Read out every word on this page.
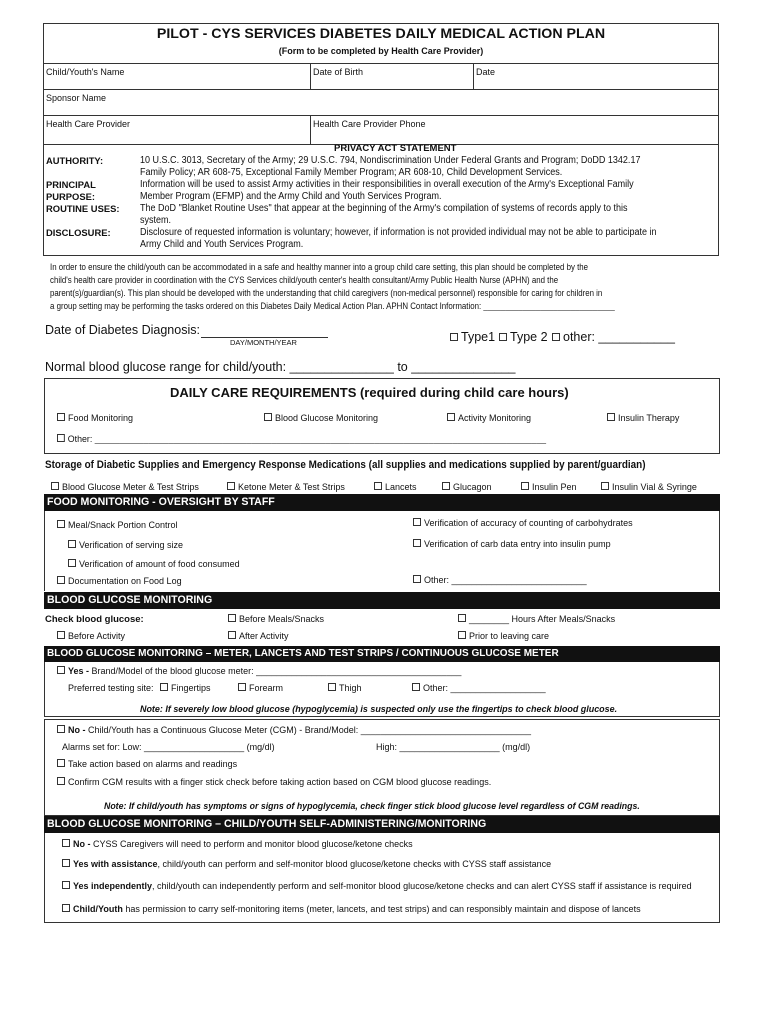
PILOT - CYS SERVICES DIABETES DAILY MEDICAL ACTION PLAN
(Form to be completed by Health Care Provider)
Child/Youth's Name	Date of Birth	Date
Sponsor Name
Health Care Provider	Health Care Provider Phone
PRIVACY ACT STATEMENT
AUTHORITY:	10 U.S.C. 3013, Secretary of the Army; 29 U.S.C. 794, Nondiscrimination Under Federal Grants and Program; DoDD 1342.17
Family Policy; AR 608-75, Exceptional Family Member Program; AR 608-10, Child Development Services.
PRINCIPAL
PURPOSE:
Information will be used to assist Army activities in their responsibilities in overall execution of the Army's Exceptional Family
Member Program (EFMP) and the Army Child and Youth Services Program.
ROUTINE USES: The DoD "Blanket Routine Uses" that appear at the beginning of the Army's compilation of systems of records apply to this
system.
DISCLOSURE:	Disclosure of requested information is voluntary; however, if information is not provided individual may not be able to participate in
Army Child and Youth Services Program.
In order to ensure the child/youth can be accommodated in a safe and healthy manner into a group child care setting, this plan should be completed by the
child's health care provider in coordination with the CYS Services child/youth center's health consultant/Army Public Health Nurse (APHN) and the
parent(s)/guardian(s). This plan should be developed with the understanding that child caregivers (non-medical personnel) responsible for caring for children in
a group setting may be performing the tasks ordered on this Diabetes Daily Medical Action Plan. APHN Contact Information: ______________________________
Date of Diabetes Diagnosis:
DAY/MONTH/YEAR	Type1	Type 2	other: ___________
Normal blood glucose range for child/youth: _______________ to _______________
DAILY CARE REQUIREMENTS (required during child care hours)
Food Monitoring	Blood Glucose Monitoring	Activity Monitoring	Insulin Therapy
Other: ____________________________________________________________________________________________
Storage of Diabetic Supplies and Emergency Response Medications (all supplies and medications supplied by parent/guardian)
Blood Glucose Meter & Test Strips	Ketone Meter & Test Strips	Lancets	Glucagon	Insulin Pen	Insulin Vial & Syringe
FOOD MONITORING - OVERSIGHT BY STAFF
Meal/Snack Portion Control
Verification of serving size
Verification of amount of food consumed
Documentation on Food Log
Verification of accuracy of counting of carbohydrates
Verification of carb data entry into insulin pump
Other: ___________________________
BLOOD GLUCOSE MONITORING
Check blood glucose:	Before Meals/Snacks	________ Hours After Meals/Snacks
Before Activity	After Activity	Prior to leaving care
BLOOD GLUCOSE MONITORING – METER, LANCETS AND TEST STRIPS / CONTINUOUS GLUCOSE METER
Yes - Brand/Model of the blood glucose meter: _________________________________________
Preferred testing site:	Fingertips	Forearm	Thigh	Other: ___________________
Note: If severely low blood glucose (hypoglycemia) is suspected only use the fingertips to check blood glucose.
No - Child/Youth has a Continuous Glucose Meter (CGM) - Brand/Model: __________________________________
Alarms set for: Low: ____________________ (mg/dl)	High: ____________________ (mg/dl)
Take action based on alarms and readings
Confirm CGM results with a finger stick check before taking action based on CGM blood glucose readings.
Note: If child/youth has symptoms or signs of hypoglycemia, check finger stick blood glucose level regardless of CGM readings.
BLOOD GLUCOSE MONITORING – CHILD/YOUTH SELF-ADMINISTERING/MONITORING
No - CYSS Caregivers will need to perform and monitor blood glucose/ketone checks
Yes with assistance, child/youth can perform and self-monitor blood glucose/ketone checks with CYSS staff assistance
Yes independently, child/youth can independently perform and self-monitor blood glucose/ketone checks and can alert CYSS staff if assistance is required
Child/Youth has permission to carry self-monitoring items (meter, lancets, and test strips) and can responsibly maintain and dispose of lancets
